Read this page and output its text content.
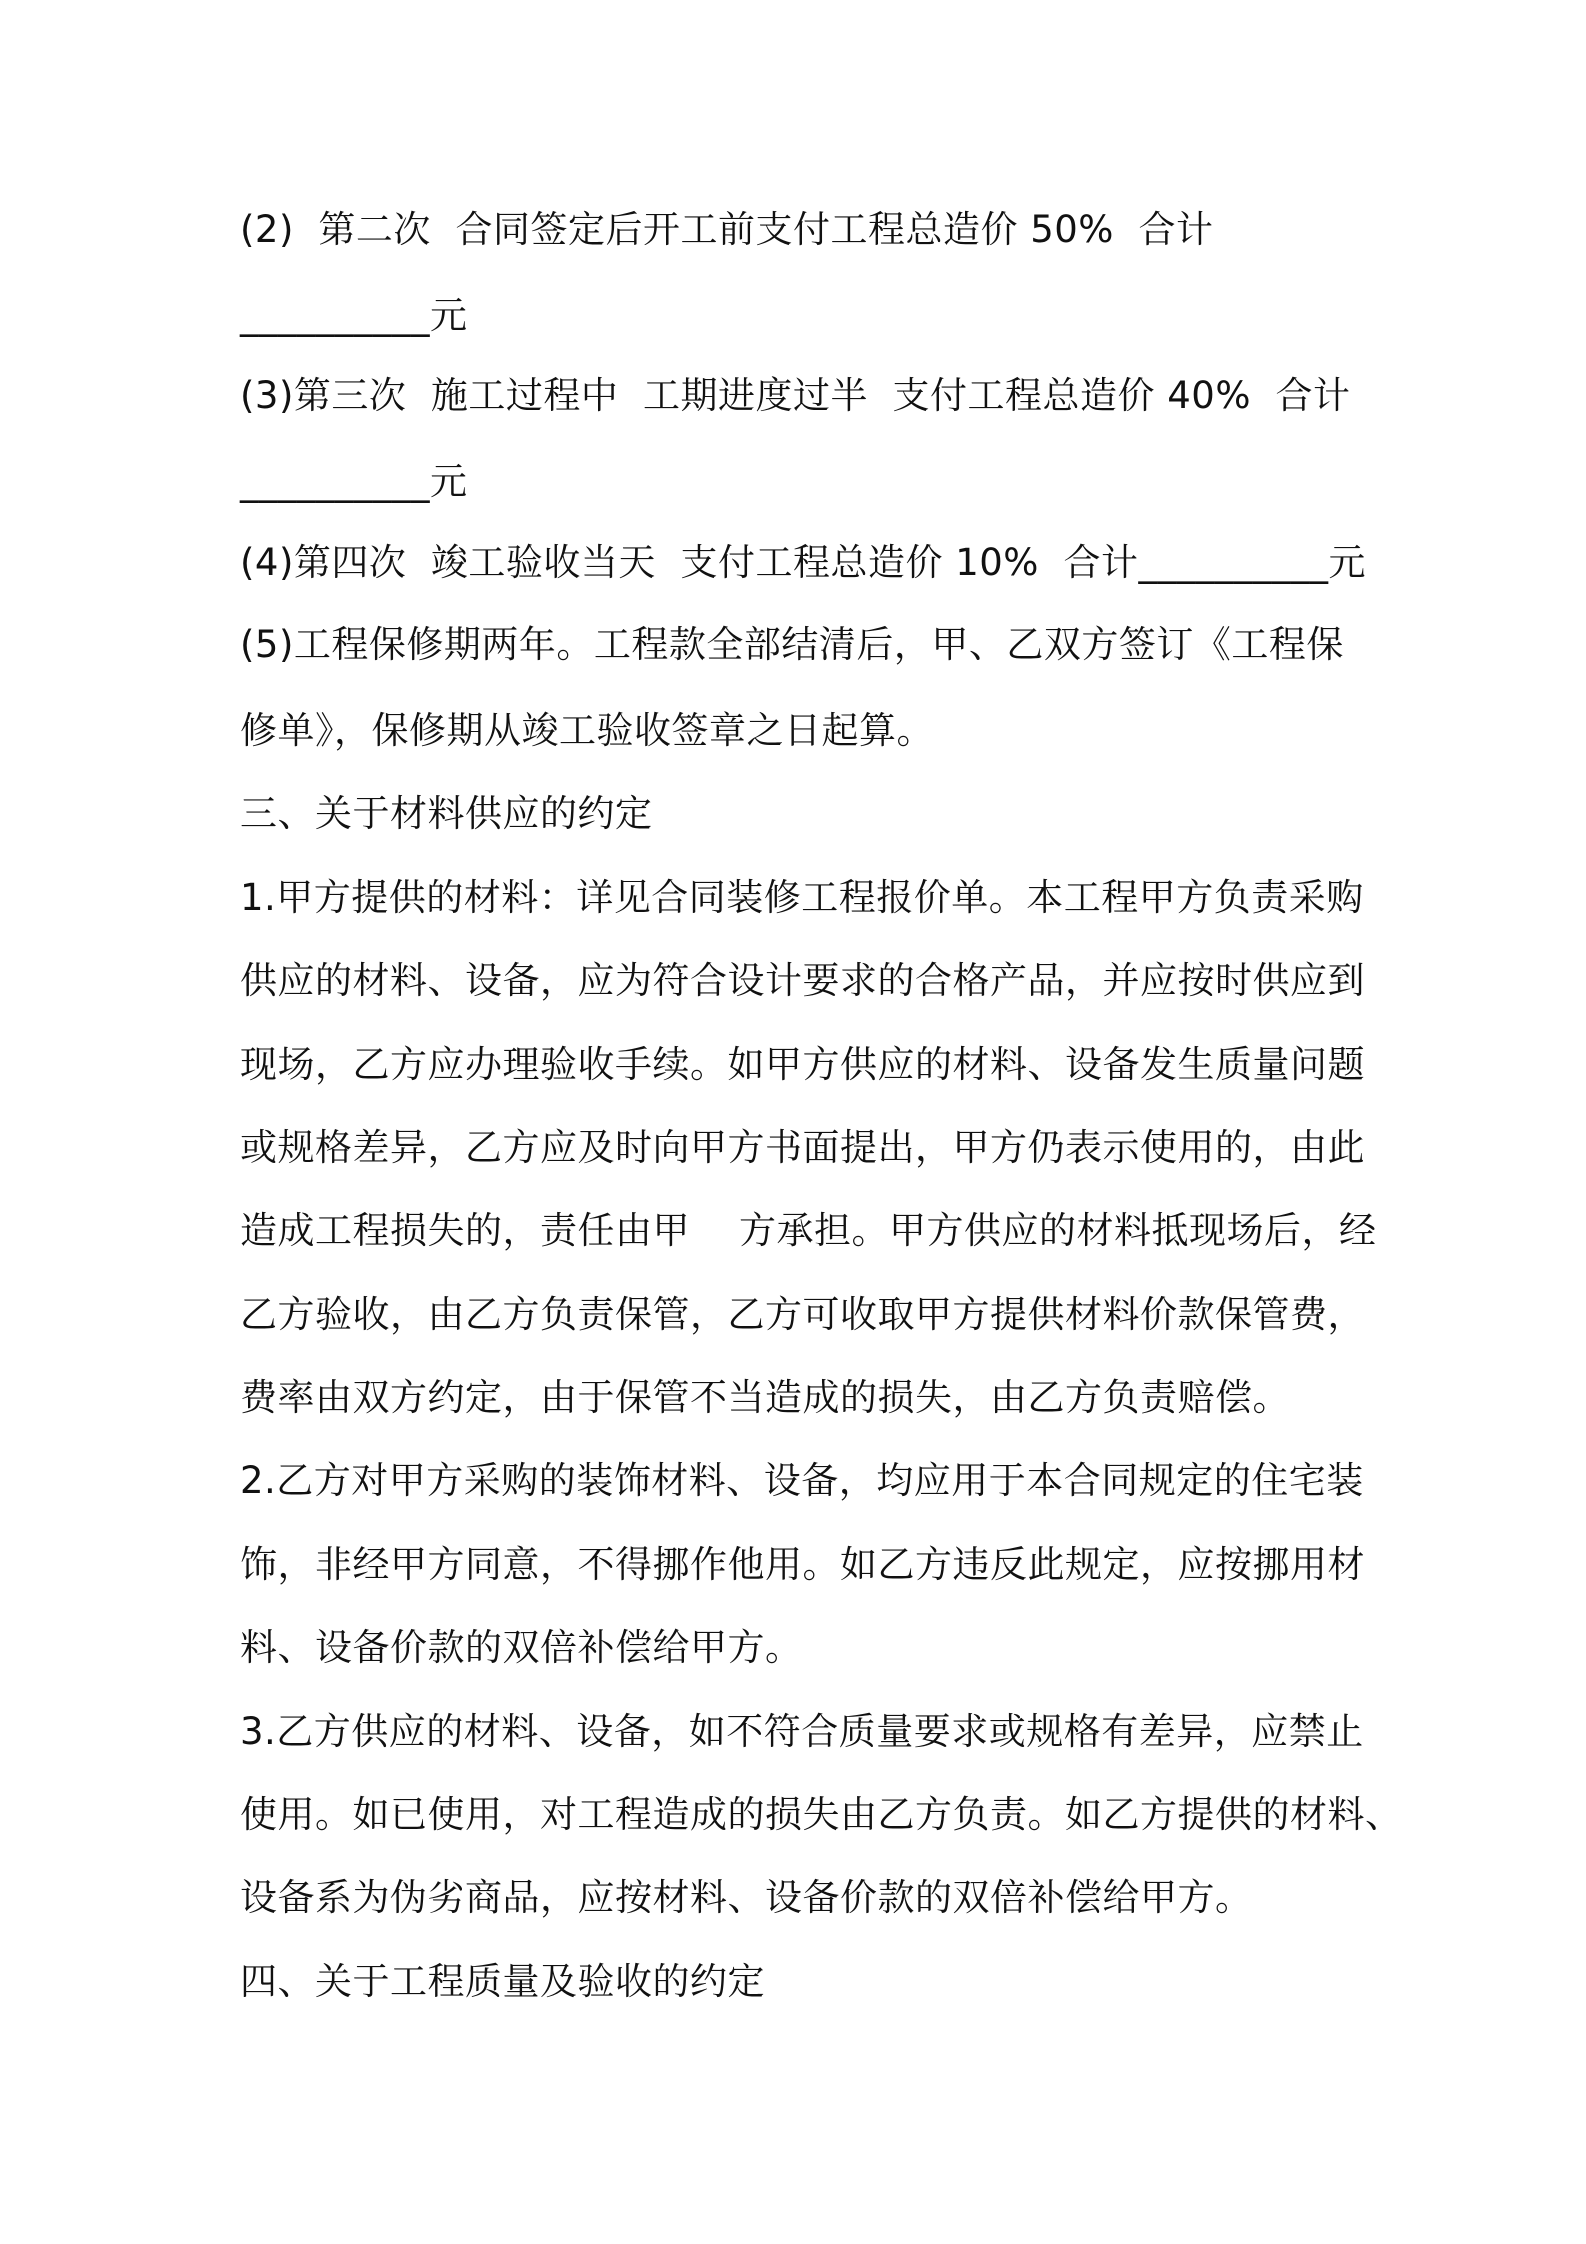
(2)  第二次  合同签定后开工前支付工程总造价 50%  合计
__________元
(3)第三次  施工过程中  工期进度过半  支付工程总造价 40%  合计
__________元
(4)第四次  竣工验收当天  支付工程总造价 10%  合计__________元
(5)工程保修期两年。工程款全部结清后，甲、乙双方签订《工程保
修单》，保修期从竣工验收签章之日起算。
三、关于材料供应的约定
1.甲方提供的材料：详见合同装修工程报价单。本工程甲方负责采购
供应的材料、设备，应为符合设计要求的合格产品，并应按时供应到
现场，乙方应办理验收手续。如甲方供应的材料、设备发生质量问题
或规格差异，乙方应及时向甲方书面提出，甲方仍表示使用的，由此
造成工程损失的，责任由甲    方承担。甲方供应的材料抵现场后，经
乙方验收，由乙方负责保管，乙方可收取甲方提供材料价款保管费，
费率由双方约定，由于保管不当造成的损失，由乙方负责赔偿。
2.乙方对甲方采购的装饰材料、设备，均应用于本合同规定的住宅装
饰，非经甲方同意，不得挪作他用。如乙方违反此规定，应按挪用材
料、设备价款的双倍补偿给甲方。
3.乙方供应的材料、设备，如不符合质量要求或规格有差异，应禁止
使用。如已使用，对工程造成的损失由乙方负责。如乙方提供的材料、
设备系为伪劣商品，应按材料、设备价款的双倍补偿给甲方。
四、关于工程质量及验收的约定
